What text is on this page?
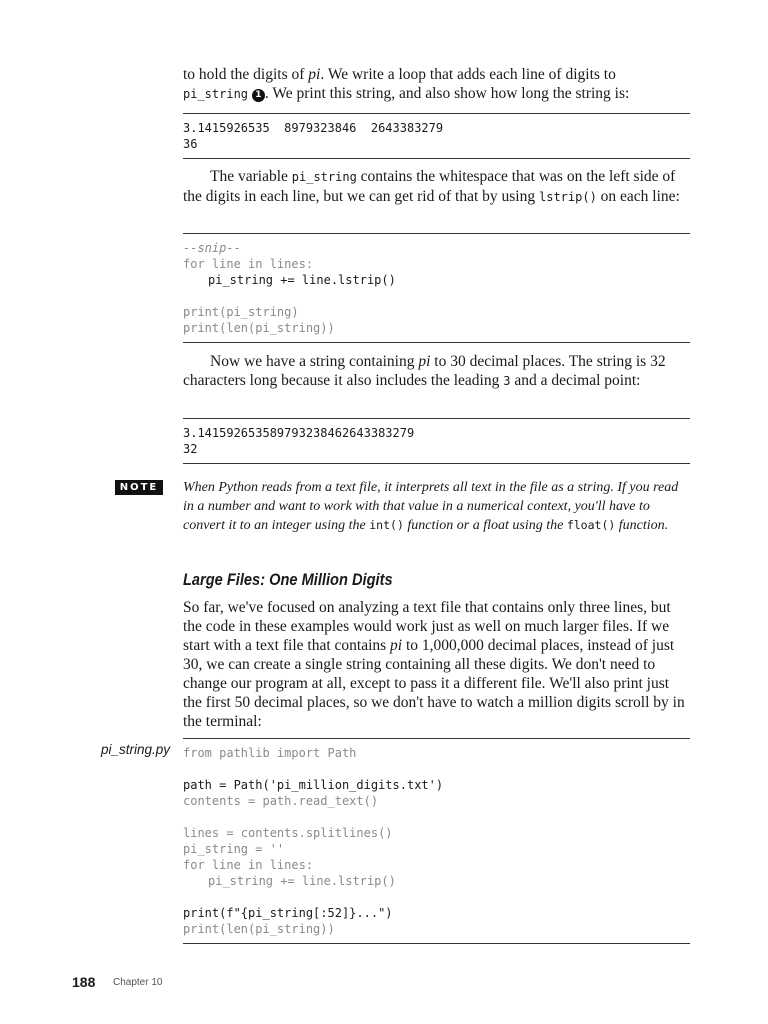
to hold the digits of pi. We write a loop that adds each line of digits to
pi_string 1 . We print this string, and also show how long the string is:

3.1415926535  8979323846  2643383279
36

The variable pi_string contains the whitespace that was on the left side of the digits in each line, but we can get rid of that by using lstrip() on each line:

--snip--
for line in lines:
pi_string += line.lstrip()
print(pi_string)
print(len(pi_string))

Now we have a string containing pi to 30 decimal places. The string is 32 characters long because it also includes the leading 3 and a decimal point:

3.141592653589793238462643383279
32
NOTE	When Python reads from a text file, it interprets all text in the file as a string. If you read in a number and want to work with that value in a numerical context, you'll have to convert it to an integer using the int() function or a float using the float() function.

Large Files: One Million Digits

So far, we've focused on analyzing a text file that contains only three lines, but the code in these examples would work just as well on much larger files. If we start with a text file that contains pi to 1,000,000 decimal places, instead of just 30, we can create a single string containing all these digits. We don't need to change our program at all, except to pass it a different file. We'll also print just the first 50 decimal places, so we don't have to watch a million digits scroll by in the terminal:

pi_string.py from pathlib import Path
path = Path('pi_million_digits.txt')
contents = path.read_text()
lines = contents.splitlines()
pi_string = ''
for line in lines:
pi_string += line.lstrip()
print(f"{pi_string[:52]}...")
print(len(pi_string))
188 Chapter 10
